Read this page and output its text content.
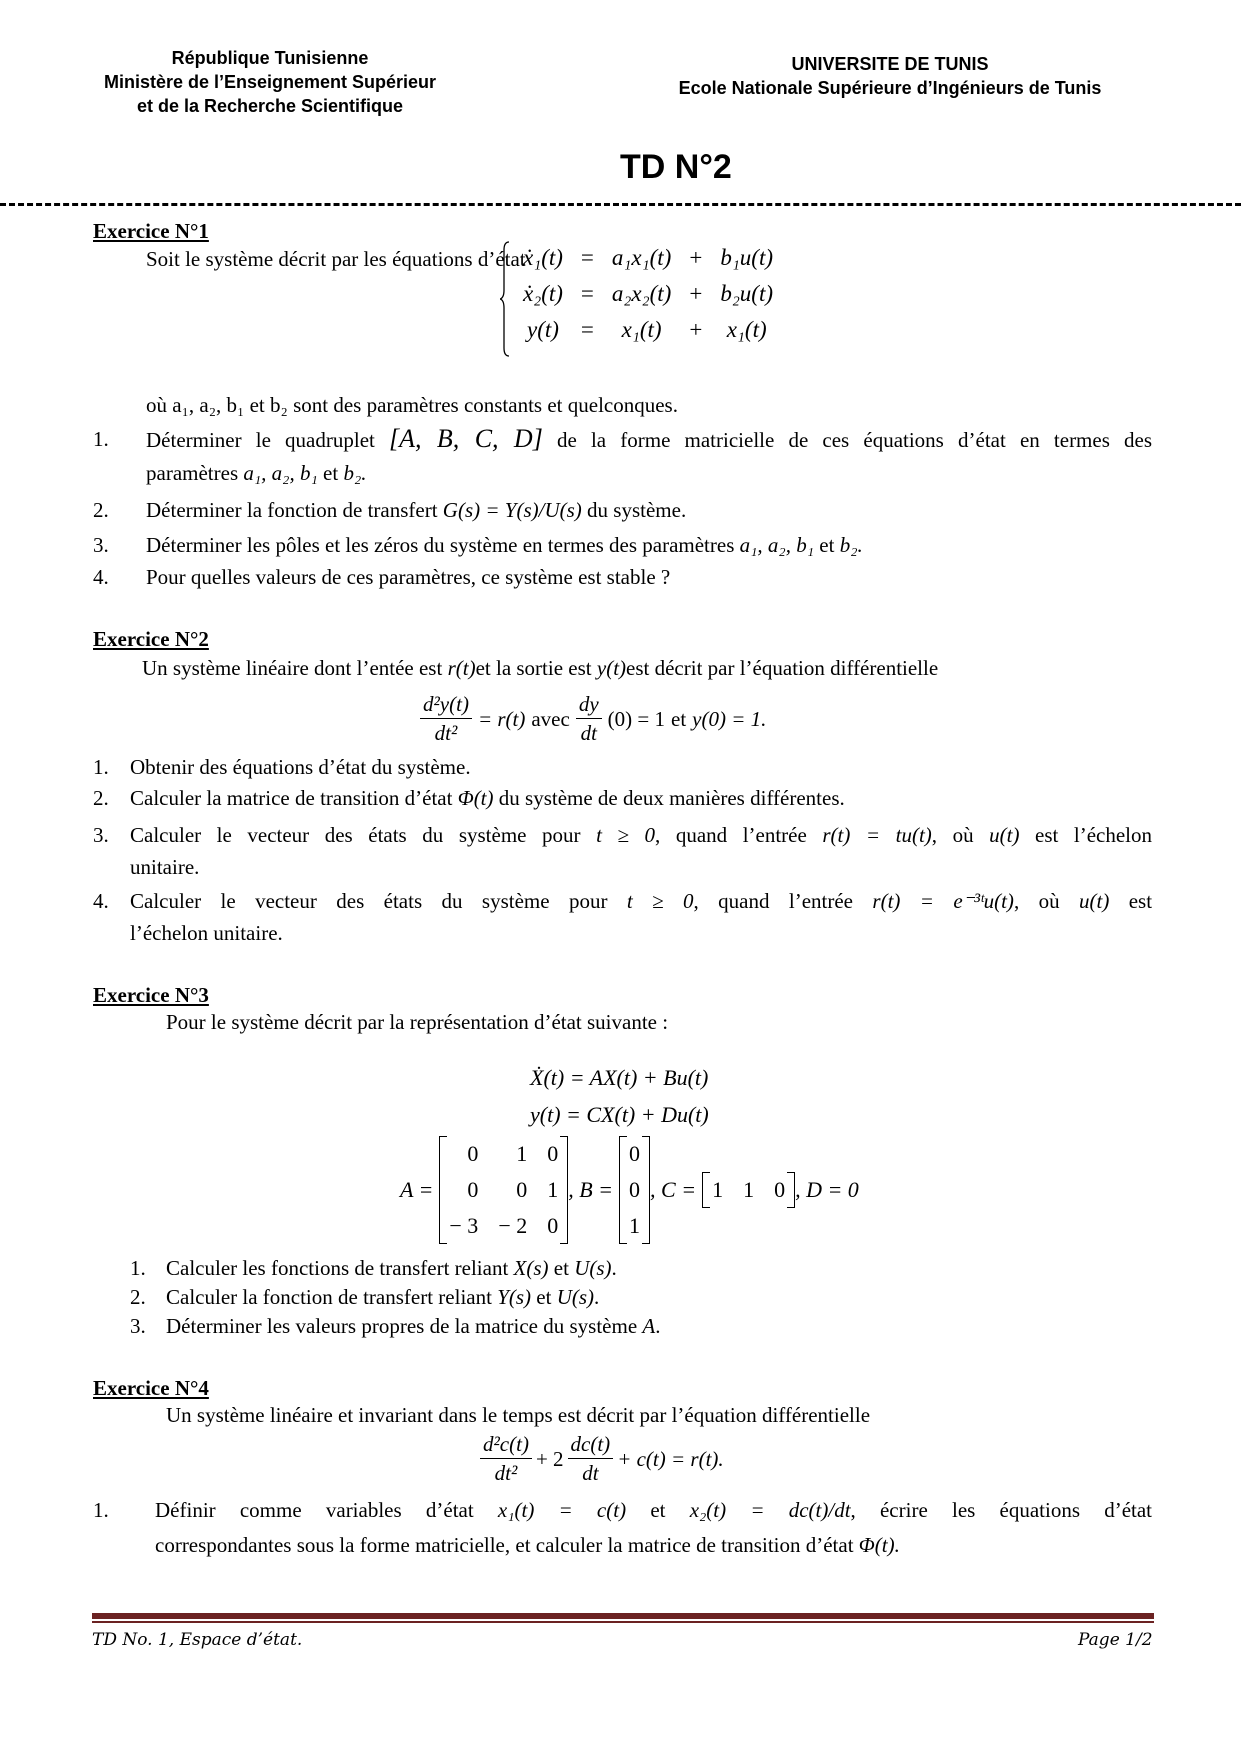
République Tunisienne
Ministère de l’Enseignement Supérieur
et de la Recherche Scientifique
UNIVERSITE DE TUNIS
Ecole Nationale Supérieure d’Ingénieurs de Tunis
TD N°2
Exercice N°1
Soit le système décrit par les équations d’état
ẋ₁(t)	=	a₁x₁(t)	+	b₁u(t)
ẋ₂(t)	=	a₂x₂(t)	+	b₂u(t)
y(t)	=	x₁(t)	+	x₁(t)
où a₁, a₂, b₁ et b₂ sont des paramètres constants et quelconques.
1. Déterminer le quadruplet [A, B, C, D] de la forme matricielle de ces équations d’état en termes des
paramètres a₁, a₂, b₁ et b₂.
2. Déterminer la fonction de transfert G(s) = Y(s)/U(s) du système.
3. Déterminer les pôles et les zéros du système en termes des paramètres a₁, a₂, b₁ et b₂.
4. Pour quelles valeurs de ces paramètres, ce système est stable ?
Exercice N°2
Un système linéaire dont l’entée est r(t)et la sortie est y(t)est décrit par l’équation différentielle
$\frac{\text{d²y(t)}}{\text{dt²}} = r(t)$ avec $\frac{dy}{dt} (0) = 1$ et y(0) = 1.
1. Obtenir des équations d’état du système.
2. Calculer la matrice de transition d’état Φ(t) du système de deux manières différentes.
3. Calculer le vecteur des états du système pour t ≥ 0, quand l’entrée r(t) = tu(t), où u(t) est l’échelon
unitaire.
4. Calculer le vecteur des états du système pour t ≥ 0, quand l’entrée r(t) = e⁻³ᵗu(t), où u(t) est
l’échelon unitaire.
Exercice N°3
Pour le système décrit par la représentation d’état suivante :
Ẋ(t) = AX(t) + Bu(t)
y(t) = CX(t) + Du(t)
A =
0	1	0
0	0	1
− 3	− 2	0
, B =
0
0
1
, C = 1	1	0 , D = 0
1. Calculer les fonctions de transfert reliant X(s) et U(s).
2. Calculer la fonction de transfert reliant Y(s) et U(s).
3. Déterminer les valeurs propres de la matrice du système A.
Exercice N°4
Un système linéaire et invariant dans le temps est décrit par l’équation différentielle
$\frac{\text{d²c(t)}}{\text{dt²}} + 2 \frac{dc(t)}{dt} + c(t) = r(t)$.
1. Définir comme variables d’état x₁(t) = c(t) et x₂(t) = dc(t)/dt, écrire les équations d’état
correspondantes sous la forme matricielle, et calculer la matrice de transition d’état Φ(t).
TD No. 1, Espace d’état.	Page 1/2
